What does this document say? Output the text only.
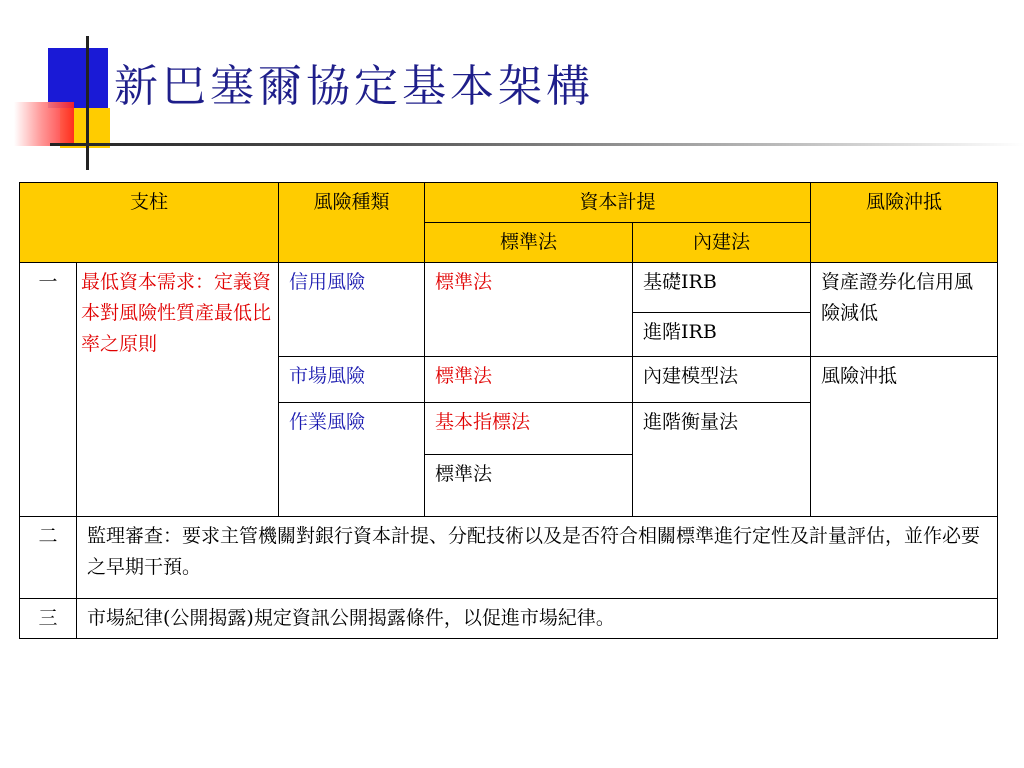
新巴塞爾協定基本架構
支柱		風險種類	資本計提		風險沖抵
			標準法	內建法	
一	最低資本需求：定義資本對風險性質產最低比率之原則	信用風險	標準法	基礎IRB	資產證券化信用風險減低
				進階IRB	
		市場風險	標準法	內建模型法	風險沖抵
		作業風險	基本指標法	進階衡量法	
			標準法		

二	監理審查：要求主管機關對銀行資本計提、分配技術以及是否符合相關標準進行定性及計量評估，並作必要之早期干預。				
三	市場紀律(公開揭露)規定資訊公開揭露條件，以促進市場紀律。				
